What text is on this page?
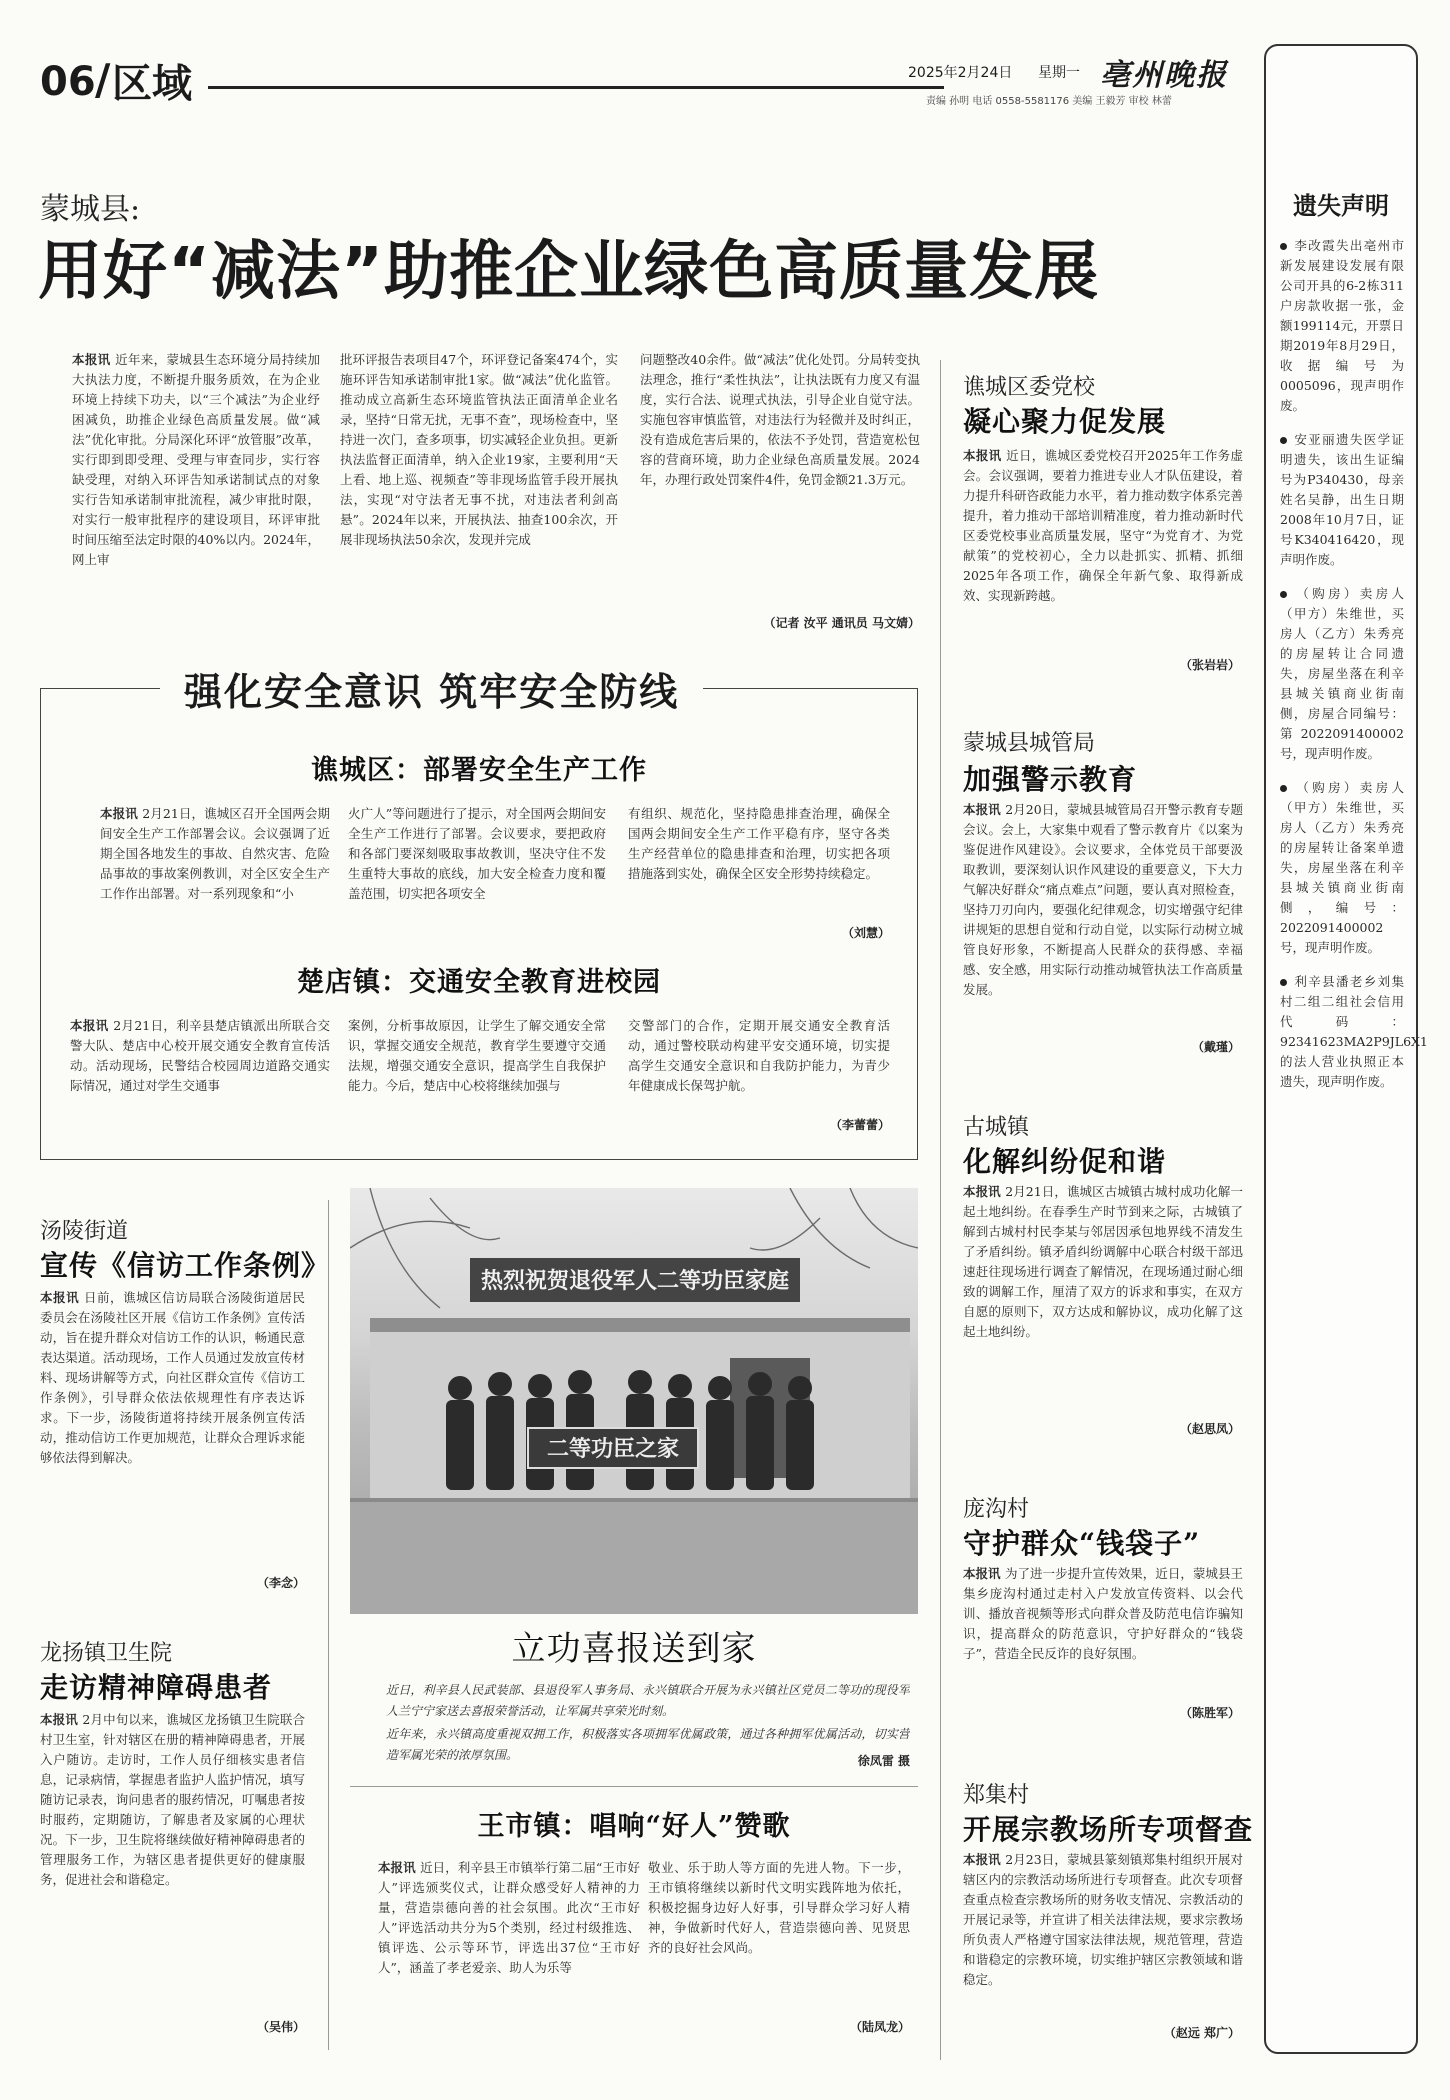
06 / 区域	2025年2月24日 星期一 亳州晚报
责编 孙明 电话 0558-5581176 美编 王毅芳 审校 林蕾
蒙城县:
用好“减法”助推企业绿色高质量发展
本报讯 近年来，蒙城县生态环境分局持续加大执法力度，不断提升服务质效，在为企业环境上持续下功夫，以“三个减法”为企业纾困减负，助推企业绿色高质量发展。做“减法”优化审批。分局深化环评“放管服”改革，实行即到即受理、受理与审查同步，实行容缺受理，对纳入环评告知承诺制试点的对象实行告知承诺制审批流程，减少审批时限，对实行一般审批程序的建设项目，环评审批时间压缩至法定时限的40%以内。2024年，网上审
批环评报告表项目47个，环评登记备案474个，实施环评告知承诺制审批1家。做“减法”优化监管。推动成立高新生态环境监管执法正面清单企业名录，坚持“日常无扰，无事不查”，现场检查中，坚持进一次门，查多项事，切实减轻企业负担。更新执法监督正面清单，纳入企业19家，主要利用“天上看、地上巡、视频查”等非现场监管手段开展执法，实现“对守法者无事不扰，对违法者利剑高悬”。2024年以来，开展执法、抽查100余次，开展非现场执法50余次，发现并完成
问题整改40余件。做“减法”优化处罚。分局转变执法理念，推行“柔性执法”，让执法既有力度又有温度，实行合法、说理式执法，引导企业自觉守法。实施包容审慎监管，对违法行为轻微并及时纠正，没有造成危害后果的，依法不予处罚，营造宽松包容的营商环境，助力企业绿色高质量发展。2024年，办理行政处罚案件4件，免罚金额21.3万元。
（记者 汝平 通讯员 马文婧）
谯城区委党校
凝心聚力促发展
本报讯 近日，谯城区委党校召开2025年工作务虚会。会议强调，要着力推进专业人才队伍建设，着力提升科研咨政能力水平，着力推动数字体系完善提升，着力推动干部培训精准度，着力推动新时代区委党校事业高质量发展，坚守“为党育才、为党献策”的党校初心，全力以赴抓实、抓精、抓细2025年各项工作，确保全年新气象、取得新成效、实现新跨越。
（张岩岩）
蒙城县城管局
加强警示教育
本报讯 2月20日，蒙城县城管局召开警示教育专题会议。会上，大家集中观看了警示教育片《以案为鉴促进作风建设》。会议要求，全体党员干部要汲取教训，要深刻认识作风建设的重要意义，下大力气解决好群众“痛点难点”问题，要认真对照检查，坚持刀刃向内，要强化纪律观念，切实增强守纪律讲规矩的思想自觉和行动自觉，以实际行动树立城管良好形象，不断提高人民群众的获得感、幸福感、安全感，用实际行动推动城管执法工作高质量发展。
（戴瑾）
古城镇
化解纠纷促和谐
本报讯 2月21日，谯城区古城镇古城村成功化解一起土地纠纷。在春季生产时节到来之际，古城镇了解到古城村村民李某与邻居因承包地界线不清发生了矛盾纠纷。镇矛盾纠纷调解中心联合村级干部迅速赶往现场进行调查了解情况，在现场通过耐心细致的调解工作，厘清了双方的诉求和事实，在双方自愿的原则下，双方达成和解协议，成功化解了这起土地纠纷。
（赵思凤）
庞沟村
守护群众“钱袋子”
本报讯 为了进一步提升宣传效果，近日，蒙城县王集乡庞沟村通过走村入户发放宣传资料、以会代训、播放音视频等形式向群众普及防范电信诈骗知识，提高群众的防范意识，守护好群众的“钱袋子”，营造全民反诈的良好氛围。
（陈胜军）
郑集村
开展宗教场所专项督查
本报讯 2月23日，蒙城县篆刻镇郑集村组织开展对辖区内的宗教活动场所进行专项督查。此次专项督查重点检查宗教场所的财务收支情况、宗教活动的开展记录等，并宣讲了相关法律法规，要求宗教场所负责人严格遵守国家法律法规，规范管理，营造和谐稳定的宗教环境，切实维护辖区宗教领域和谐稳定。
（赵远 郑广）
遗失声明
李改霞失出亳州市新发展建设发展有限公司开具的6-2栋311户房款收据一张，金额199114元，开票日期2019年8月29日，收据编号为0005096，现声明作废。
安亚丽遗失医学证明遗失，该出生证编号为P340430，母亲姓名吴静，出生日期2008年10月7日，证号K340416420，现声明作废。
（购房）卖房人（甲方）朱维世，买房人（乙方）朱秀亮的房屋转让合同遗失，房屋坐落在利辛县城关镇商业街南侧，房屋合同编号：第2022091400002号，现声明作废。
（购房）卖房人（甲方）朱维世，买房人（乙方）朱秀亮的房屋转让备案单遗失，房屋坐落在利辛县城关镇商业街南侧，编号：2022091400002号，现声明作废。
利辛县潘老乡刘集村二组二组社会信用代码：92341623MA2P9JL6X1的法人营业执照正本遗失，现声明作废。
强化安全意识 筑牢安全防线
谯城区：部署安全生产工作
本报讯 2月21日，谯城区召开全国两会期间安全生产工作部署会议。会议强调了近期全国各地发生的事故、自然灾害、危险品事故的事故案例教训，对全区安全生产工作作出部署。对一系列现象和“小
火广人”等问题进行了提示，对全国两会期间安全生产工作进行了部署。会议要求，要把政府和各部门要深刻吸取事故教训，坚决守住不发生重特大事故的底线，加大安全检查力度和覆盖范围，切实把各项安全
有组织、规范化，坚持隐患排查治理，确保全国两会期间安全生产工作平稳有序，坚守各类生产经营单位的隐患排查和治理，切实把各项措施落到实处，确保全区安全形势持续稳定。
（刘慧）
楚店镇：交通安全教育进校园
本报讯 2月21日，利辛县楚店镇派出所联合交警大队、楚店中心校开展交通安全教育宣传活动。活动现场，民警结合校园周边道路交通实际情况，通过对学生交通事
案例，分析事故原因，让学生了解交通安全常识，掌握交通安全规范，教育学生要遵守交通法规，增强交通安全意识，提高学生自我保护能力。今后，楚店中心校将继续加强与
交警部门的合作，定期开展交通安全教育活动，通过警校联动构建平安交通环境，切实提高学生交通安全意识和自我防护能力，为青少年健康成长保驾护航。
（李蕾蕾）
汤陵街道
宣传《信访工作条例》
本报讯 日前，谯城区信访局联合汤陵街道居民委员会在汤陵社区开展《信访工作条例》宣传活动，旨在提升群众对信访工作的认识，畅通民意表达渠道。活动现场，工作人员通过发放宣传材料、现场讲解等方式，向社区群众宣传《信访工作条例》，引导群众依法依规理性有序表达诉求。下一步，汤陵街道将持续开展条例宣传活动，推动信访工作更加规范，让群众合理诉求能够依法得到解决。
（李念）
龙扬镇卫生院
走访精神障碍患者
本报讯 2月中旬以来，谯城区龙扬镇卫生院联合村卫生室，针对辖区在册的精神障碍患者，开展入户随访。走访时，工作人员仔细核实患者信息，记录病情，掌握患者监护人监护情况，填写随访记录表，询问患者的服药情况，叮嘱患者按时服药，定期随访，了解患者及家属的心理状况。下一步，卫生院将继续做好精神障碍患者的管理服务工作，为辖区患者提供更好的健康服务，促进社会和谐稳定。
（吴伟）
热烈祝贺退役军人二等功臣家庭
二等功臣之家
立功喜报送到家
近日，利辛县人民武装部、县退役军人事务局、永兴镇联合开展为永兴镇社区党员二等功的现役军人兰宁宁家送去喜报荣誉活动，让军属共享荣光时刻。
近年来，永兴镇高度重视双拥工作，积极落实各项拥军优属政策，通过各种拥军优属活动，切实营造军属光荣的浓厚氛围。	徐凤雷 摄
王市镇：唱响“好人”赞歌
本报讯 近日，利辛县王市镇举行第二届“王市好人”评选颁奖仪式，让群众感受好人精神的力量，营造崇德向善的社会氛围。此次“王市好人”评选活动共分为5个类别，经过村级推选、镇评选、公示等环节，评选出37位“王市好人”，涵盖了孝老爱亲、助人为乐等
敬业、乐于助人等方面的先进人物。下一步，王市镇将继续以新时代文明实践阵地为依托，积极挖掘身边好人好事，引导群众学习好人精神，争做新时代好人，营造崇德向善、见贤思齐的良好社会风尚。
（陆凤龙）
